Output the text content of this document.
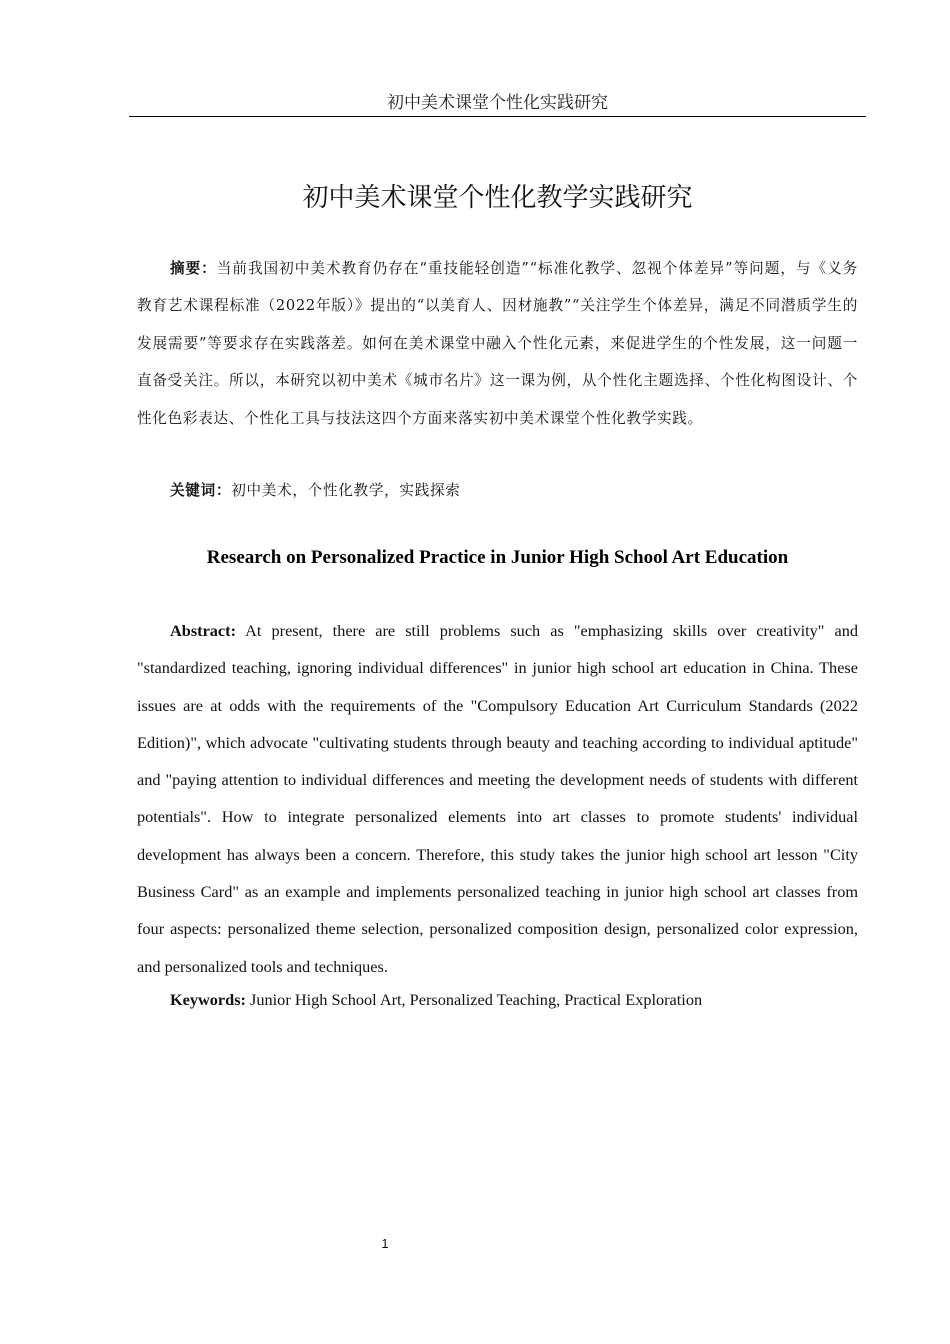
初中美术课堂个性化实践研究
初中美术课堂个性化教学实践研究

摘要：当前我国初中美术教育仍存在“重技能轻创造”“标准化教学、忽视个体差异”等问题，与《义务教育艺术课程标准（2022年版）》提出的“以美育人、因材施教”“关注学生个体差异，满足不同潜质学生的发展需要”等要求存在实践落差。如何在美术课堂中融入个性化元素，来促进学生的个性发展，这一问题一直备受关注。所以，本研究以初中美术《城市名片》这一课为例，从个性化主题选择、个性化构图设计、个性化色彩表达、个性化工具与技法这四个方面来落实初中美术课堂个性化教学实践。

关键词：初中美术，个性化教学，实践探索

Research on Personalized Practice in Junior High School Art Education

Abstract: At present, there are still problems such as "emphasizing skills over creativity" and "standardized teaching, ignoring individual differences" in junior high school art education in China. These issues are at odds with the requirements of the "Compulsory Education Art Curriculum Standards (2022 Edition)", which advocate "cultivating students through beauty and teaching according to individual aptitude" and "paying attention to individual differences and meeting the development needs of students with different potentials". How to integrate personalized elements into art classes to promote students' individual development has always been a concern. Therefore, this study takes the junior high school art lesson "City Business Card" as an example and implements personalized teaching in junior high school art classes from four aspects: personalized theme selection, personalized composition design, personalized color expression, and personalized tools and techniques.

Keywords: Junior High School Art, Personalized Teaching, Practical Exploration

1
